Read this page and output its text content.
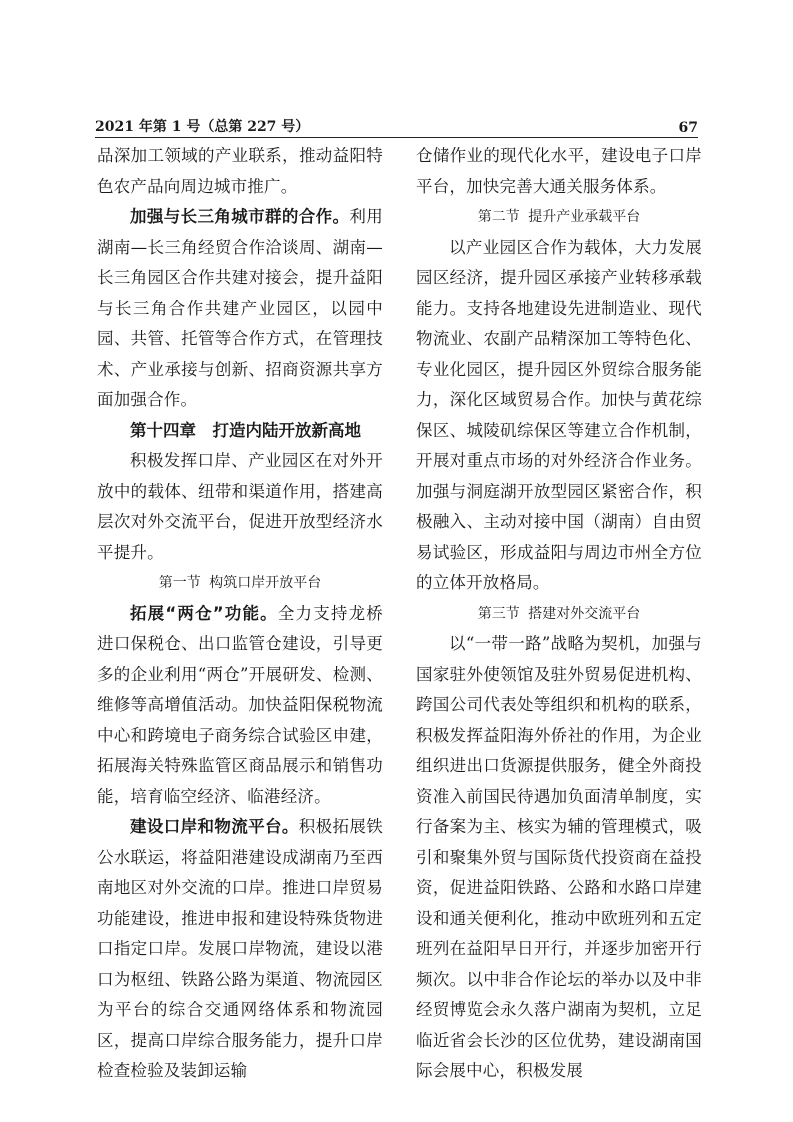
2021 年第 1 号（总第 227 号）	67

品深加工领域的产业联系，推动益阳特色农产品向周边城市推广。

加强与长三角城市群的合作。利用湖南—长三角经贸合作洽谈周、湖南—长三角园区合作共建对接会，提升益阳与长三角合作共建产业园区，以园中园、共管、托管等合作方式，在管理技术、产业承接与创新、招商资源共享方面加强合作。

第十四章　打造内陆开放新高地

积极发挥口岸、产业园区在对外开放中的载体、纽带和渠道作用，搭建高层次对外交流平台，促进开放型经济水平提升。

第一节 构筑口岸开放平台

拓展“两仓”功能。全力支持龙桥进口保税仓、出口监管仓建设，引导更多的企业利用“两仓”开展研发、检测、维修等高增值活动。加快益阳保税物流中心和跨境电子商务综合试验区申建，拓展海关特殊监管区商品展示和销售功能，培育临空经济、临港经济。

建设口岸和物流平台。积极拓展铁公水联运，将益阳港建设成湖南乃至西南地区对外交流的口岸。推进口岸贸易功能建设，推进申报和建设特殊货物进口指定口岸。发展口岸物流，建设以港口为枢纽、铁路公路为渠道、物流园区为平台的综合交通网络体系和物流园区，提高口岸综合服务能力，提升口岸检查检验及装卸运输

仓储作业的现代化水平，建设电子口岸平台，加快完善大通关服务体系。

第二节 提升产业承载平台

以产业园区合作为载体，大力发展园区经济，提升园区承接产业转移承载能力。支持各地建设先进制造业、现代物流业、农副产品精深加工等特色化、专业化园区，提升园区外贸综合服务能力，深化区域贸易合作。加快与黄花综保区、城陵矶综保区等建立合作机制，开展对重点市场的对外经济合作业务。加强与洞庭湖开放型园区紧密合作，积极融入、主动对接中国（湖南）自由贸易试验区，形成益阳与周边市州全方位的立体开放格局。

第三节 搭建对外交流平台

以“一带一路”战略为契机，加强与国家驻外使领馆及驻外贸易促进机构、跨国公司代表处等组织和机构的联系，积极发挥益阳海外侨社的作用，为企业组织进出口货源提供服务，健全外商投资准入前国民待遇加负面清单制度，实行备案为主、核实为辅的管理模式，吸引和聚集外贸与国际货代投资商在益投资，促进益阳铁路、公路和水路口岸建设和通关便利化，推动中欧班列和五定班列在益阳早日开行，并逐步加密开行频次。以中非合作论坛的举办以及中非经贸博览会永久落户湖南为契机，立足临近省会长沙的区位优势，建设湖南国际会展中心，积极发展
